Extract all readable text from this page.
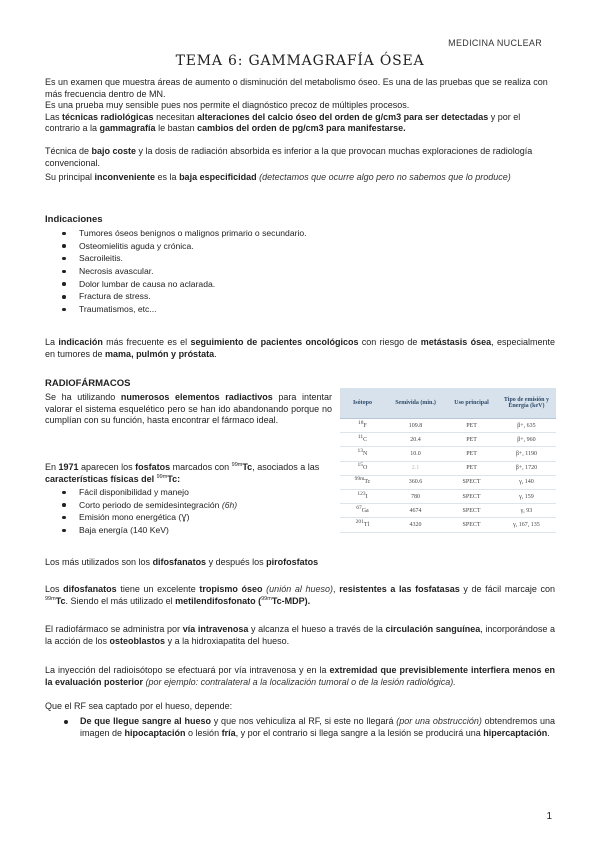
MEDICINA NUCLEAR
TEMA 6: GAMMAGRAFÍA ÓSEA
Es un examen que muestra áreas de aumento o disminución del metabolismo óseo. Es una de las pruebas que se realiza con más frecuencia dentro de MN.
Es una prueba muy sensible pues nos permite el diagnóstico precoz de múltiples procesos.
Las técnicas radiológicas necesitan alteraciones del calcio óseo del orden de g/cm3 para ser detectadas y por el contrario a la gammagrafía le bastan cambios del orden de pg/cm3 para manifestarse.
Técnica de bajo coste y la dosis de radiación absorbida es inferior a la que provocan muchas exploraciones de radiología convencional.
Su principal inconveniente es la baja especificidad (detectamos que ocurre algo pero no sabemos que lo produce)
Indicaciones
Tumores óseos benignos o malignos primario o secundario.
Osteomielitis aguda y crónica.
Sacroileitis.
Necrosis avascular.
Dolor lumbar de causa no aclarada.
Fractura de stress.
Traumatismos, etc...
La indicación más frecuente es el seguimiento de pacientes oncológicos con riesgo de metástasis ósea, especialmente en tumores de mama, pulmón y próstata.
RADIOFÁRMACOS
Se ha utilizando numerosos elementos radiactivos para intentar valorar el sistema esquelético pero se han ido abandonando porque no cumplían con su función, hasta encontrar el fármaco ideal.
En 1971 aparecen los fosfatos marcados con $^{99m}$Tc, asociados a las características físicas del $^{99m}$Tc:
Fácil disponibilidad y manejo
Corto periodo de semidesintegración (6h)
Emisión mono energética (Ɣ)
Baja energía (140 KeV)
Isótopo	Semivida (min.)	Uso principal	Tipo de emisión y Energía (keV)
$^{18}$F	109.8	PET	β+, 635
$^{11}$C	20.4	PET	β+, 960
$^{13}$N	10.0	PET	β+, 1190
$^{15}$O	2.1	PET	β+, 1720
$^{99m}$Tc	360.6	SPECT	γ, 140
$^{123}$I	780	SPECT	γ, 159
$^{67}$Ga	4674	SPECT	γ, 93
$^{201}$Tl	4320	SPECT	γ, 167, 135
Los más utilizados son los difosfanatos y después los pirofosfatos
Los difosfanatos tiene un excelente tropismo óseo (unión al hueso), resistentes a las fosfatasas y de fácil marcaje con $^{99m}$Tc. Siendo el más utilizado el metilendifosfonato ($^{99m}$Tc-MDP).
El radiofármaco se administra por vía intravenosa y alcanza el hueso a través de la circulación sanguínea, incorporándose a la acción de los osteoblastos y a la hidroxiapatita del hueso.
La inyección del radioisótopo se efectuará por vía intravenosa y en la extremidad que previsiblemente interfiera menos en la evaluación posterior (por ejemplo: contralateral a la localización tumoral o de la lesión radiológica).
Que el RF sea captado por el hueso, depende:
De que llegue sangre al hueso y que nos vehiculiza al RF, si este no llegará (por una obstrucción) obtendremos una imagen de hipocaptación o lesión fría, y por el contrario si llega sangre a la lesión se producirá una hipercaptación.
1
